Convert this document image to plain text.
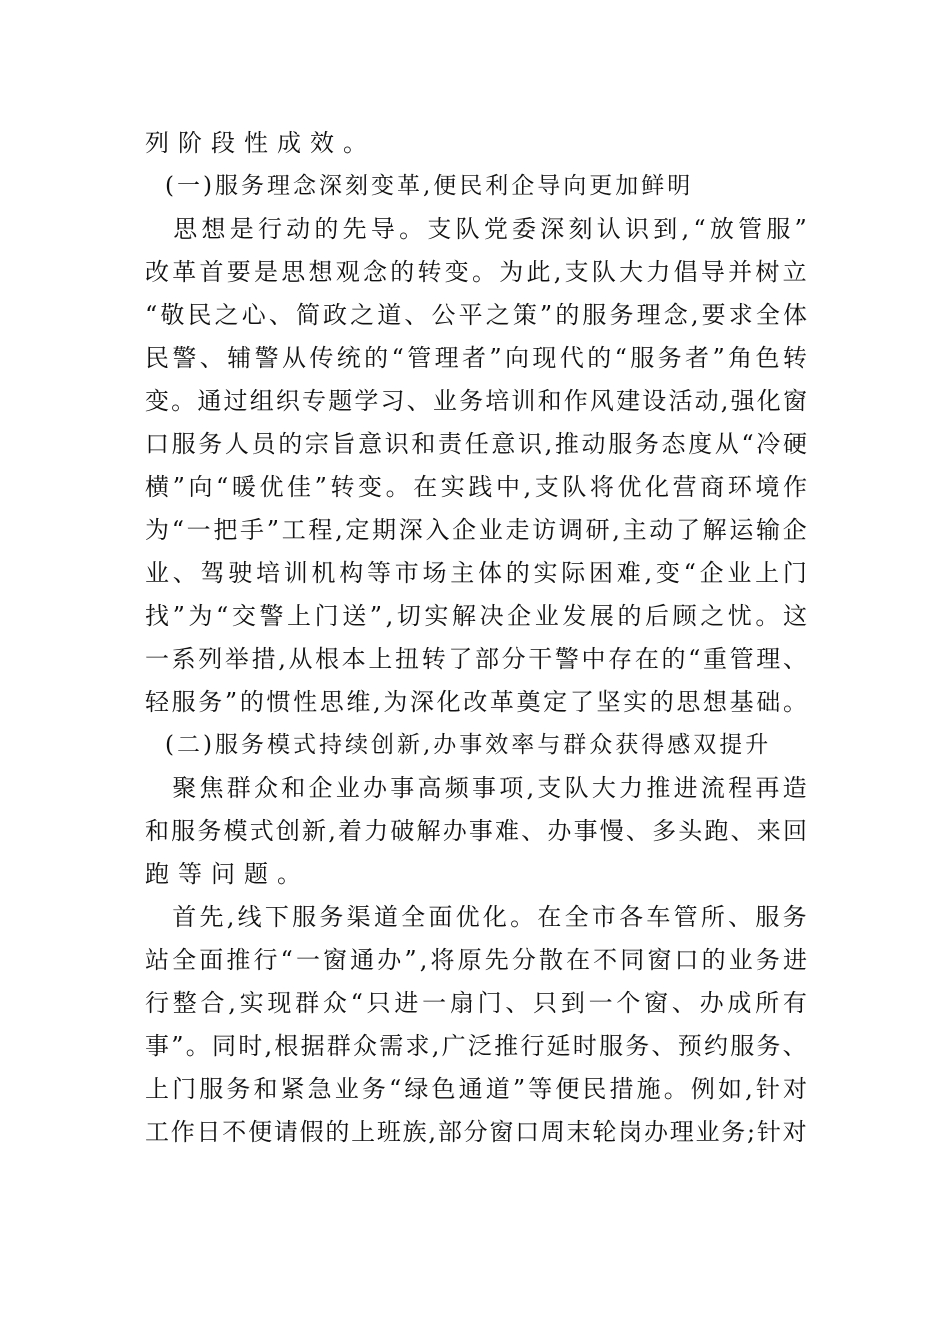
列阶段性成效。
(一)服务理念深刻变革,便民利企导向更加鲜明

思 想 是 行 动 的 先 导 。 支 队 党 委 深 刻 认 识 到 , “ 放 管 服 ”
改 革 首 要 是 思 想 观 念 的 转 变 。 为 此 , 支 队 大 力 倡 导 并 树 立
“ 敬 民 之 心 、 简 政 之 道 、 公 平 之 策 ” 的 服 务 理 念 , 要 求 全 体
民 警 、 辅 警 从 传 统 的 “ 管 理 者 ” 向 现 代 的 “ 服 务 者 ” 角 色 转
变 。 通 过 组 织 专 题 学 习 、 业 务 培 训 和 作 风 建 设 活 动 , 强 化 窗
口 服 务 人 员 的 宗 旨 意 识 和 责 任 意 识 , 推 动 服 务 态 度 从 “ 冷 硬
横 ” 向 “ 暖 优 佳 ” 转 变 。 在 实 践 中 , 支 队 将 优 化 营 商 环 境 作
为 “ 一 把 手 ” 工 程 , 定 期 深 入 企 业 走 访 调 研 , 主 动 了 解 运 输 企
业 、 驾 驶 培 训 机 构 等 市 场 主 体 的 实 际 困 难 , 变 “ 企 业 上 门
找 ” 为 “ 交 警 上 门 送 ” , 切 实 解 决 企 业 发 展 的 后 顾 之 忧 。 这
一 系 列 举 措 , 从 根 本 上 扭 转 了 部 分 干 警 中 存 在 的 “ 重 管 理 、
轻 服 务 ” 的 惯 性 思 维 , 为 深 化 改 革 奠 定 了 坚 实 的 思 想 基 础 。
(二)服务模式持续创新,办事效率与群众获得感双提升

聚 焦 群 众 和 企 业 办 事 高 频 事 项 , 支 队 大 力 推 进 流 程 再 造
和 服 务 模 式 创 新 , 着 力 破 解 办 事 难 、 办 事 慢 、 多 头 跑 、 来 回
跑等问题。

首 先 , 线 下 服 务 渠 道 全 面 优 化 。 在 全 市 各 车 管 所 、 服 务
站 全 面 推 行 “ 一 窗 通 办 ” , 将 原 先 分 散 在 不 同 窗 口 的 业 务 进
行 整 合 , 实 现 群 众 “ 只 进 一 扇 门 、 只 到 一 个 窗 、 办 成 所 有
事 ” 。 同 时 , 根 据 群 众 需 求 , 广 泛 推 行 延 时 服 务 、 预 约 服 务 、
上 门 服 务 和 紧 急 业 务 “ 绿 色 通 道 ” 等 便 民 措 施 。 例 如 , 针 对
工 作 日 不 便 请 假 的 上 班 族 , 部 分 窗 口 周 末 轮 岗 办 理 业 务 ; 针 对
